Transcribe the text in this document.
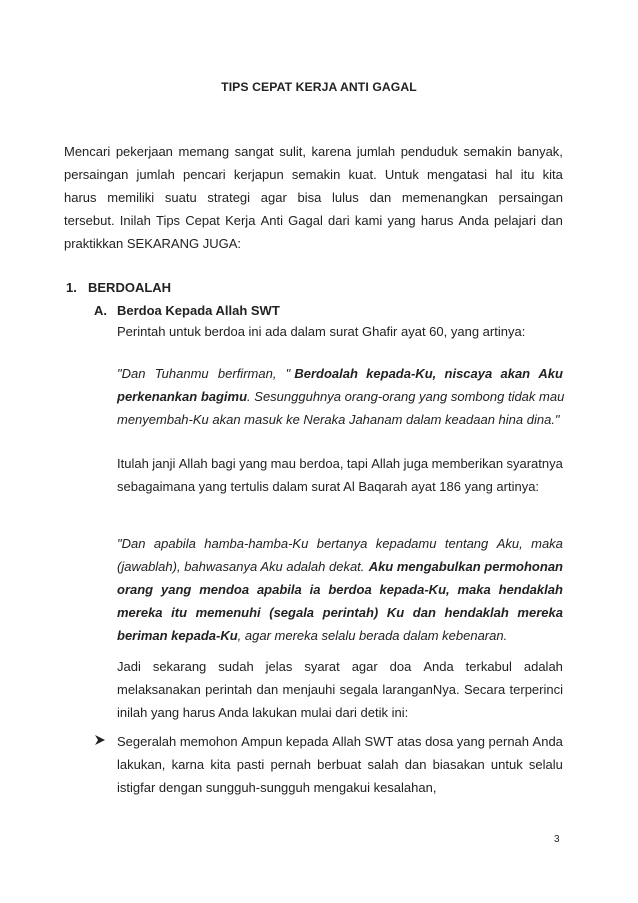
TIPS CEPAT KERJA ANTI GAGAL
Mencari pekerjaan memang sangat sulit, karena jumlah penduduk semakin banyak,
persaingan jumlah pencari kerjapun semakin kuat. Untuk mengatasi hal itu kita
harus memiliki suatu strategi agar bisa lulus dan memenangkan persaingan
tersebut. Inilah Tips Cepat Kerja Anti Gagal dari kami yang harus Anda pelajari dan
praktikkan SEKARANG JUGA:
1. BERDOALAH
A. Berdoa Kepada Allah SWT
Perintah untuk berdoa ini ada dalam surat Ghafir ayat 60, yang artinya:
"Dan Tuhanmu berfirman, " Berdoalah kepada-Ku, niscaya akan Aku
perkenankan bagimu . Sesungguhnya orang-orang yang sombong tidak mau
menyembah-Ku akan masuk ke Neraka Jahanam dalam keadaan hina dina."
Itulah janji Allah bagi yang mau berdoa, tapi Allah juga memberikan syaratnya
sebagaimana yang tertulis dalam surat Al Baqarah ayat 186 yang artinya:
"Dan apabila hamba-hamba-Ku bertanya kepadamu tentang Aku, maka
(jawablah), bahwasanya Aku adalah dekat. Aku mengabulkan permohonan
orang yang mendoa apabila ia berdoa kepada-Ku, maka hendaklah
mereka itu memenuhi (segala perintah) Ku dan hendaklah mereka
beriman kepada-Ku , agar mereka selalu berada dalam kebenaran.
Jadi sekarang sudah jelas syarat agar doa Anda terkabul adalah
melaksanakan perintah dan menjauhi segala laranganNya. Secara terperinci
inilah yang harus Anda lakukan mulai dari detik ini:
Segeralah memohon Ampun kepada Allah SWT atas dosa yang pernah Anda
lakukan, karna kita pasti pernah berbuat salah dan biasakan untuk selalu
istigfar dengan sungguh-sungguh mengakui kesalahan,
3
